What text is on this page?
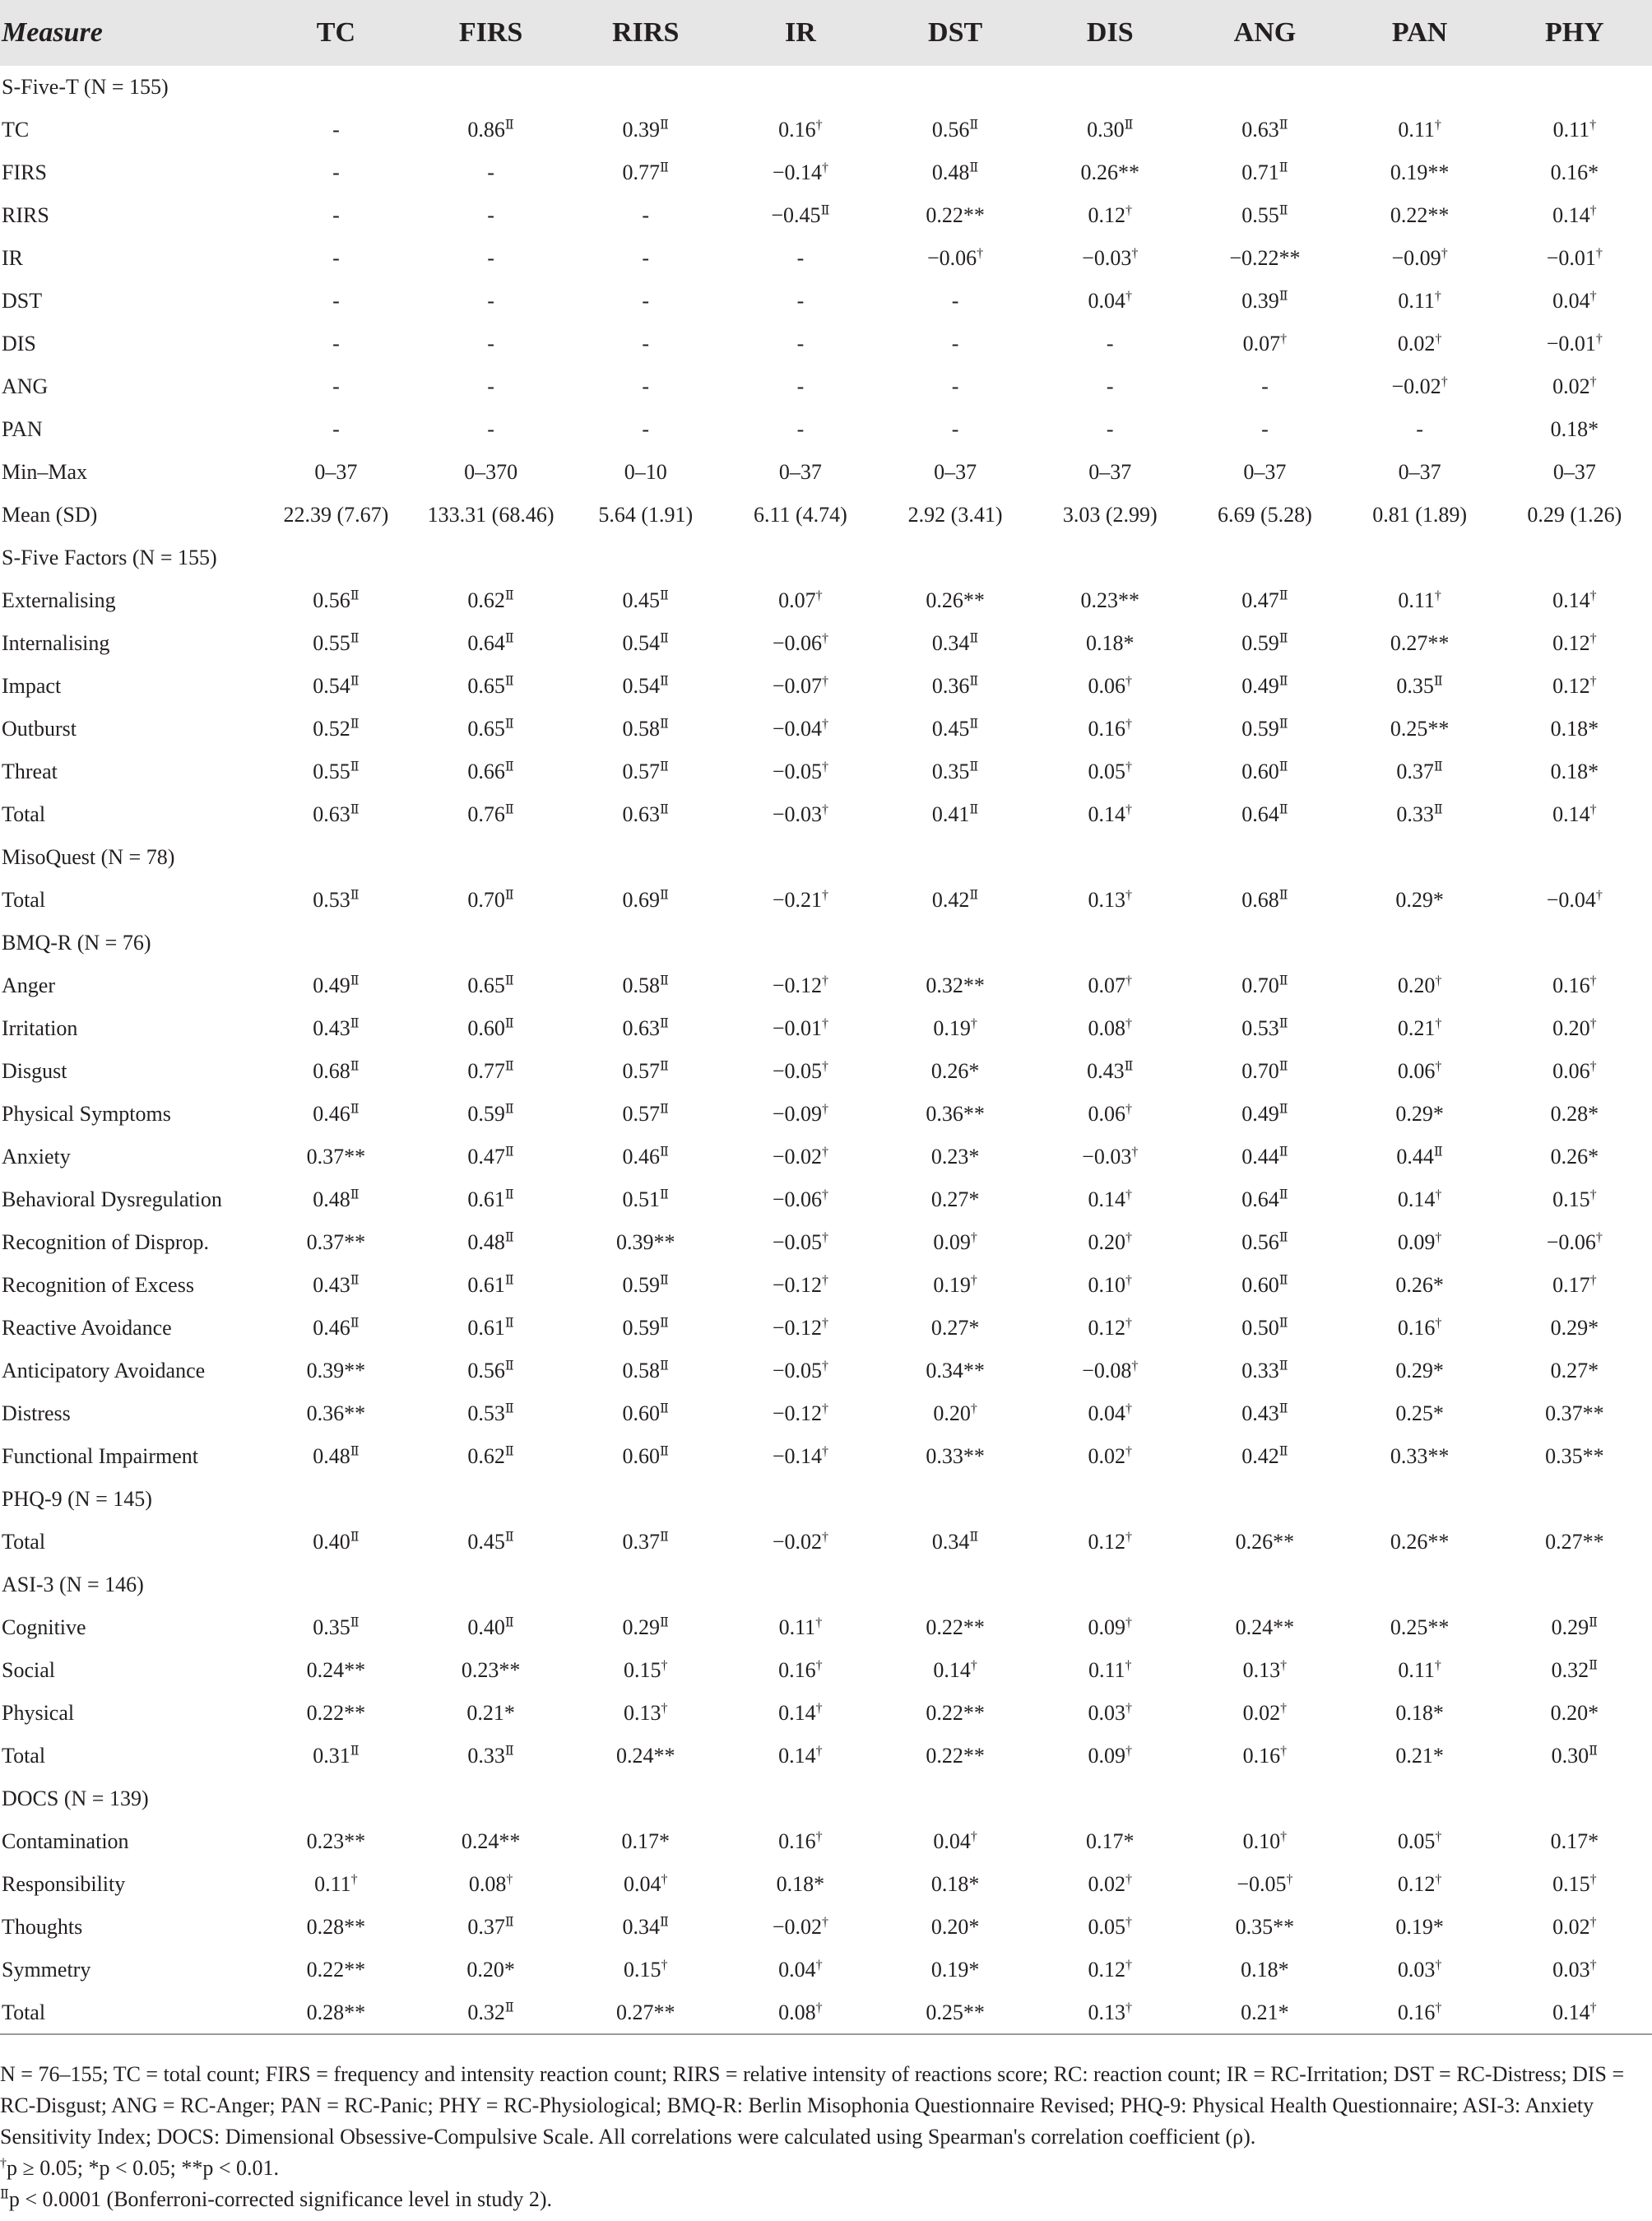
Measure	TC	FIRS	RIRS	IR	DST	DIS	ANG	PAN	PHY
S-Five-T (N = 155)									
TC	-	$0.86^Ⅱ$	$0.39^Ⅱ$	0.16†	$0.56^Ⅱ$	$0.30^Ⅱ$	$0.63^Ⅱ$	0.11†	0.11†
FIRS	-	-	$0.77^Ⅱ$	−0.14†	$0.48^Ⅱ$	0.26**	$0.71^Ⅱ$	0.19**	0.16*
RIRS	-	-	-	$-0.45^Ⅱ$	0.22**	0.12†	$0.55^Ⅱ$	0.22**	0.14†
IR	-	-	-	-	−0.06†	−0.03†	−0.22**	−0.09†	−0.01†
DST	-	-	-	-	-	0.04†	$0.39^Ⅱ$	0.11†	0.04†
DIS	-	-	-	-	-	-	0.07†	0.02†	−0.01†
ANG	-	-	-	-	-	-	-	−0.02†	0.02†
PAN	-	-	-	-	-	-	-	-	0.18*
Min–Max	0–37	0–370	0–10	0–37	0–37	0–37	0–37	0–37	0–37
Mean (SD)	22.39 (7.67)	133.31 (68.46)	5.64 (1.91)	6.11 (4.74)	2.92 (3.41)	3.03 (2.99)	6.69 (5.28)	0.81 (1.89)	0.29 (1.26)
S-Five Factors (N = 155)									
Externalising	$0.56^Ⅱ$	$0.62^Ⅱ$	$0.45^Ⅱ$	0.07†	0.26**	0.23**	$0.47^Ⅱ$	0.11†	0.14†
Internalising	$0.55^Ⅱ$	$0.64^Ⅱ$	$0.54^Ⅱ$	−0.06†	$0.34^Ⅱ$	0.18*	$0.59^Ⅱ$	0.27**	0.12†
Impact	$0.54^Ⅱ$	$0.65^Ⅱ$	$0.54^Ⅱ$	−0.07†	$0.36^Ⅱ$	0.06†	$0.49^Ⅱ$	$0.35^Ⅱ$	0.12†
Outburst	$0.52^Ⅱ$	$0.65^Ⅱ$	$0.58^Ⅱ$	−0.04†	$0.45^Ⅱ$	0.16†	$0.59^Ⅱ$	0.25**	0.18*
Threat	$0.55^Ⅱ$	$0.66^Ⅱ$	$0.57^Ⅱ$	−0.05†	$0.35^Ⅱ$	0.05†	$0.60^Ⅱ$	$0.37^Ⅱ$	0.18*
Total	$0.63^Ⅱ$	$0.76^Ⅱ$	$0.63^Ⅱ$	−0.03†	$0.41^Ⅱ$	0.14†	$0.64^Ⅱ$	$0.33^Ⅱ$	0.14†
MisoQuest (N = 78)									
Total	$0.53^Ⅱ$	$0.70^Ⅱ$	$0.69^Ⅱ$	−0.21†	$0.42^Ⅱ$	0.13†	$0.68^Ⅱ$	0.29*	−0.04†
BMQ-R (N = 76)									
Anger	$0.49^Ⅱ$	$0.65^Ⅱ$	$0.58^Ⅱ$	−0.12†	0.32**	0.07†	$0.70^Ⅱ$	0.20†	0.16†
Irritation	$0.43^Ⅱ$	$0.60^Ⅱ$	$0.63^Ⅱ$	−0.01†	0.19†	0.08†	$0.53^Ⅱ$	0.21†	0.20†
Disgust	$0.68^Ⅱ$	$0.77^Ⅱ$	$0.57^Ⅱ$	−0.05†	0.26*	$0.43^Ⅱ$	$0.70^Ⅱ$	0.06†	0.06†
Physical Symptoms	$0.46^Ⅱ$	$0.59^Ⅱ$	$0.57^Ⅱ$	−0.09†	0.36**	0.06†	$0.49^Ⅱ$	0.29*	0.28*
Anxiety	0.37**	$0.47^Ⅱ$	$0.46^Ⅱ$	−0.02†	0.23*	−0.03†	$0.44^Ⅱ$	$0.44^Ⅱ$	0.26*
Behavioral Dysregulation	$0.48^Ⅱ$	$0.61^Ⅱ$	$0.51^Ⅱ$	−0.06†	0.27*	0.14†	$0.64^Ⅱ$	0.14†	0.15†
Recognition of Disprop.	0.37**	$0.48^Ⅱ$	0.39**	−0.05†	0.09†	0.20†	$0.56^Ⅱ$	0.09†	−0.06†
Recognition of Excess	$0.43^Ⅱ$	$0.61^Ⅱ$	$0.59^Ⅱ$	−0.12†	0.19†	0.10†	$0.60^Ⅱ$	0.26*	0.17†
Reactive Avoidance	$0.46^Ⅱ$	$0.61^Ⅱ$	$0.59^Ⅱ$	−0.12†	0.27*	0.12†	$0.50^Ⅱ$	0.16†	0.29*
Anticipatory Avoidance	0.39**	$0.56^Ⅱ$	$0.58^Ⅱ$	−0.05†	0.34**	−0.08†	$0.33^Ⅱ$	0.29*	0.27*
Distress	0.36**	$0.53^Ⅱ$	$0.60^Ⅱ$	−0.12†	0.20†	0.04†	$0.43^Ⅱ$	0.25*	0.37**
Functional Impairment	$0.48^Ⅱ$	$0.62^Ⅱ$	$0.60^Ⅱ$	−0.14†	0.33**	0.02†	$0.42^Ⅱ$	0.33**	0.35**
PHQ-9 (N = 145)									
Total	$0.40^Ⅱ$	$0.45^Ⅱ$	$0.37^Ⅱ$	−0.02†	$0.34^Ⅱ$	0.12†	0.26**	0.26**	0.27**
ASI-3 (N = 146)									
Cognitive	$0.35^Ⅱ$	$0.40^Ⅱ$	$0.29^Ⅱ$	0.11†	0.22**	0.09†	0.24**	0.25**	$0.29^Ⅱ$
Social	0.24**	0.23**	0.15†	0.16†	0.14†	0.11†	0.13†	0.11†	$0.32^Ⅱ$
Physical	0.22**	0.21*	0.13†	0.14†	0.22**	0.03†	0.02†	0.18*	0.20*
Total	$0.31^Ⅱ$	$0.33^Ⅱ$	0.24**	0.14†	0.22**	0.09†	0.16†	0.21*	$0.30^Ⅱ$
DOCS (N = 139)									
Contamination	0.23**	0.24**	0.17*	0.16†	0.04†	0.17*	0.10†	0.05†	0.17*
Responsibility	0.11†	0.08†	0.04†	0.18*	0.18*	0.02†	−0.05†	0.12†	0.15†
Thoughts	0.28**	$0.37^Ⅱ$	$0.34^Ⅱ$	−0.02†	0.20*	0.05†	0.35**	0.19*	0.02†
Symmetry	0.22**	0.20*	0.15†	0.04†	0.19*	0.12†	0.18*	0.03†	0.03†
Total	0.28**	$0.32^Ⅱ$	0.27**	0.08†	0.25**	0.13†	0.21*	0.16†	0.14†

N = 76–155; TC = total count; FIRS = frequency and intensity reaction count; RIRS = relative intensity of reactions score; RC: reaction count; IR = RC-Irritation; DST = RC-Distress; DIS = RC-Disgust; ANG = RC-Anger; PAN = RC-Panic; PHY = RC-Physiological; BMQ-R: Berlin Misophonia Questionnaire Revised; PHQ-9: Physical Health Questionnaire; ASI-3: Anxiety Sensitivity Index; DOCS: Dimensional Obsessive-Compulsive Scale. All correlations were calculated using Spearman's correlation coefficient (ρ).

†p ≥ 0.05; *p < 0.05; **p < 0.01.

$^Ⅱ$p < 0.0001 (Bonferroni-corrected significance level in study 2).
